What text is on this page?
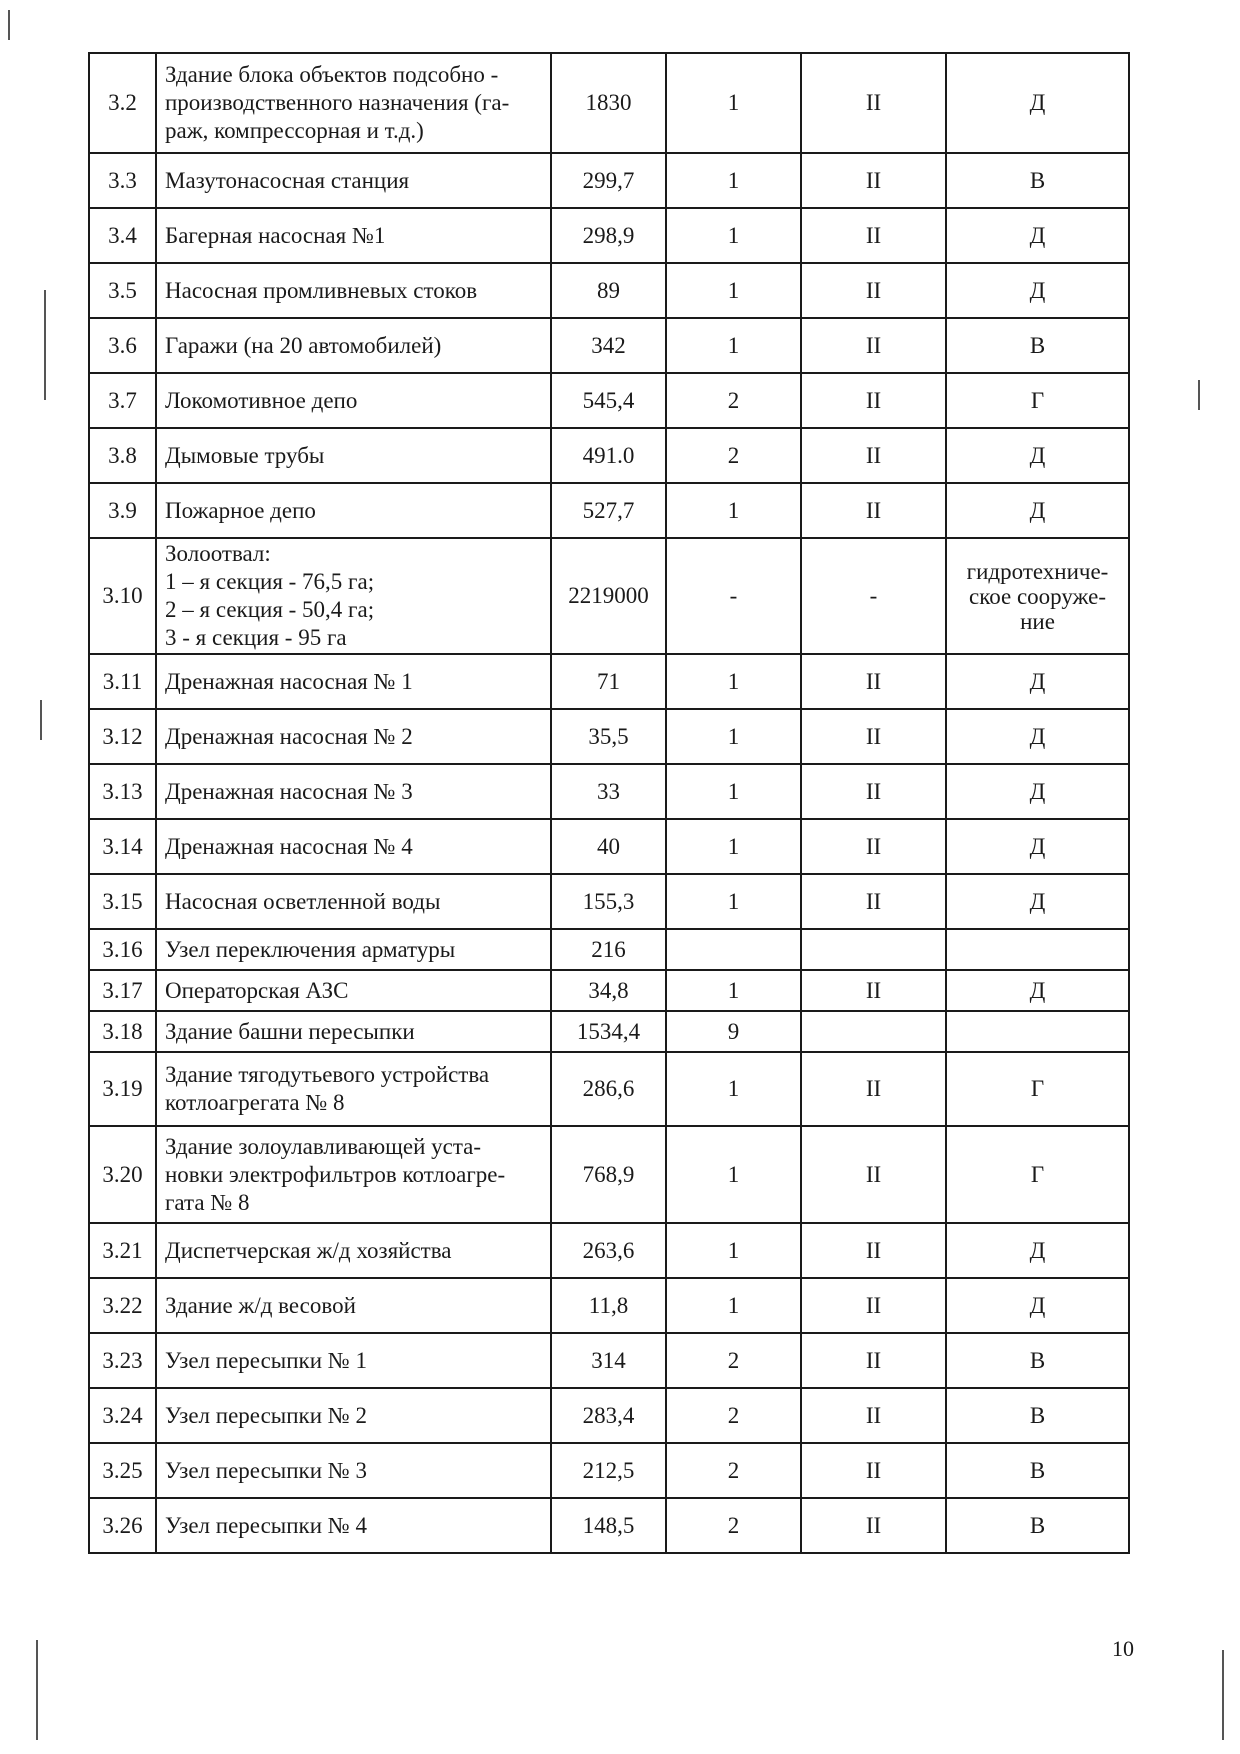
3.2	Здание блока объектов подсобно -
производственного назначения (га-
раж, компрессорная и т.д.)	1830	1	II	Д
3.3	Мазутонасосная станция	299,7	1	II	В
3.4	Багерная насосная №1	298,9	1	II	Д
3.5	Насосная промливневых стоков	89	1	II	Д
3.6	Гаражи (на 20 автомобилей)	342	1	II	В
3.7	Локомотивное депо	545,4	2	II	Г
3.8	Дымовые трубы	491.0	2	II	Д
3.9	Пожарное депо	527,7	1	II	Д
3.10	Золоотвал:
1 – я секция - 76,5 га;
2 – я секция - 50,4 га;
3 - я секция - 95 га	2219000	-	-	гидротехниче-
ское сооруже-
ние
3.11	Дренажная насосная № 1	71	1	II	Д
3.12	Дренажная насосная № 2	35,5	1	II	Д
3.13	Дренажная насосная № 3	33	1	II	Д
3.14	Дренажная насосная № 4	40	1	II	Д
3.15	Насосная осветленной воды	155,3	1	II	Д
3.16	Узел переключения арматуры	216			
3.17	Операторская АЗС	34,8	1	II	Д
3.18	Здание башни пересыпки	1534,4	9		
3.19	Здание тягодутьевого устройства
котлоагрегата № 8	286,6	1	II	Г
3.20	Здание золоулавливающей уста-
новки электрофильтров котлоагре-
гата № 8	768,9	1	II	Г
3.21	Диспетчерская ж/д хозяйства	263,6	1	II	Д
3.22	Здание ж/д весовой	11,8	1	II	Д
3.23	Узел пересыпки № 1	314	2	II	В
3.24	Узел пересыпки № 2	283,4	2	II	В
3.25	Узел пересыпки № 3	212,5	2	II	В
3.26	Узел пересыпки № 4	148,5	2	II	В
10
